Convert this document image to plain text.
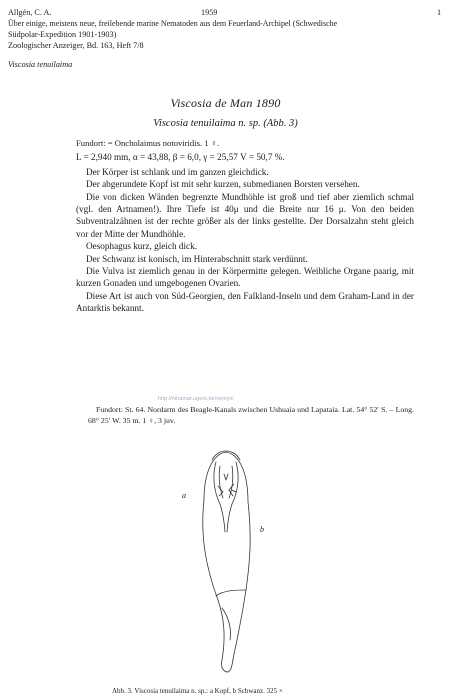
Allgén, C. A.	1959	1
Über einige, meistens neue, freilebende marine Nematoden aus dem Feuerland-Archipel (Schwedische
Südpolar-Expedition 1901-1903)
Zoologischer Anzeiger, Bd. 163, Heft 7/8
Viscosia tenuilaima
Viscosia de Man 1890
Viscosia tenuilaima n. sp. (Abb. 3)

Fundort: = Oncholaimus notoviridis. 1 ♀.

L = 2,940 mm, α = 43,88, β = 6,0, γ = 25,57 V = 50,7 %.

Der Körper ist schlank und im ganzen gleichdick.

Der abgerundete Kopf ist mit sehr kurzen, submedianen Borsten versehen.

Die von dicken Wänden begrenzte Mundhöhle ist groß und tief aber ziemlich schmal (vgl. den Artnamen!). Ihre Tiefe ist 40μ und die Breite nur 16 μ. Von den beiden Subventralzähnen ist der rechte größer als der links gestellte. Der Dorsalzahn steht gleich vor der Mitte der Mundhöhle.

Oesophagus kurz, gleich dick.

Der Schwanz ist konisch, im Hinterabschnitt stark verdünnt.

Die Vulva ist ziemlich genau in der Körpermitte gelegen. Weibliche Organe paarig, mit kurzen Gonaden und umgebogenen Ovarien.

Diese Art ist auch von Süd-Georgien, den Falkland-Inseln und dem Graham-Land in der Antarktis bekannt.

http://nitramar.ugent.be/nemys/
Fundort: St. 64. Nordarm des Beagle-Kanals zwischen Ushuaia und Lapataia. Lat. 54° 52′ S. – Long. 68° 25′ W. 35 m. 1 ♀, 3 juv.
a
b
Abb. 3. Viscosia tenuilaima n. sp.: a Kopf, b Schwanz. 325 ×
